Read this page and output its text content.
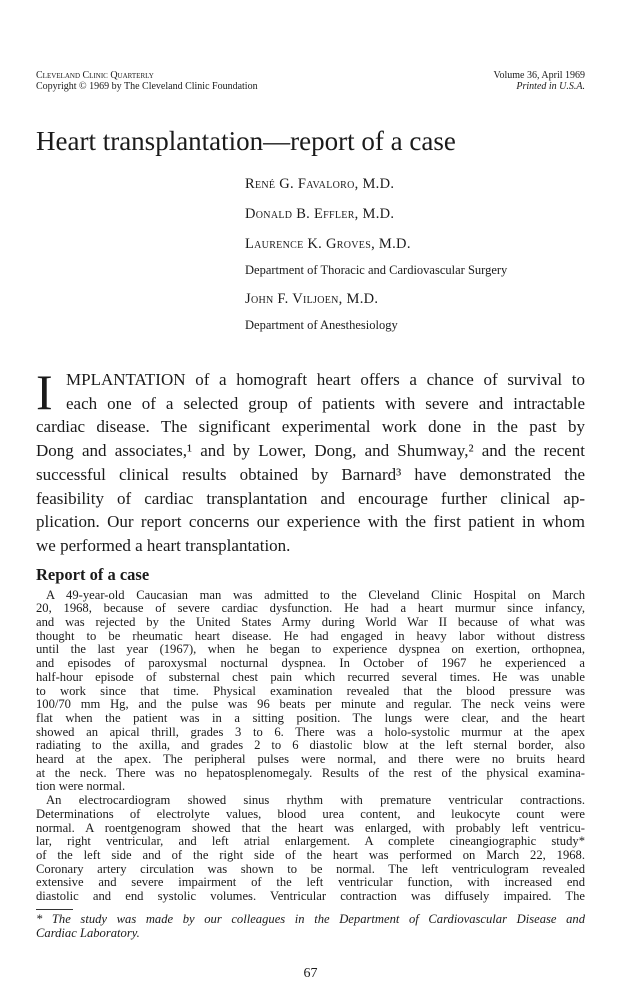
Cleveland Clinic Quarterly
Copyright © 1969 by The Cleveland Clinic Foundation
Volume 36, April 1969
Printed in U.S.A.
Heart transplantation—report of a case
René G. Favaloro, M.D.
Donald B. Effler, M.D.
Laurence K. Groves, M.D.
Department of Thoracic and Cardiovascular Surgery
John F. Viljoen, M.D.
Department of Anesthesiology
I MPLANTATION of a homograft heart offers a chance of survival to
each one of a selected group of patients with severe and intractable
cardiac disease. The significant experimental work done in the past by
Dong and associates,¹ and by Lower, Dong, and Shumway,² and the recent
successful clinical results obtained by Barnard³ have demonstrated the
feasibility of cardiac transplantation and encourage further clinical ap-
plication. Our report concerns our experience with the first patient in whom
we performed a heart transplantation.
Report of a case
A 49-year-old Caucasian man was admitted to the Cleveland Clinic Hospital on March
20, 1968, because of severe cardiac dysfunction. He had a heart murmur since infancy,
and was rejected by the United States Army during World War II because of what was
thought to be rheumatic heart disease. He had engaged in heavy labor without distress
until the last year (1967), when he began to experience dyspnea on exertion, orthopnea,
and episodes of paroxysmal nocturnal dyspnea. In October of 1967 he experienced a
half-hour episode of substernal chest pain which recurred several times. He was unable
to work since that time. Physical examination revealed that the blood pressure was
100/70 mm Hg, and the pulse was 96 beats per minute and regular. The neck veins were
flat when the patient was in a sitting position. The lungs were clear, and the heart
showed an apical thrill, grades 3 to 6. There was a holo-systolic murmur at the apex
radiating to the axilla, and grades 2 to 6 diastolic blow at the left sternal border, also
heard at the apex. The peripheral pulses were normal, and there were no bruits heard
at the neck. There was no hepatosplenomegaly. Results of the rest of the physical examina-
tion were normal.
An electrocardiogram showed sinus rhythm with premature ventricular contractions.
Determinations of electrolyte values, blood urea content, and leukocyte count were
normal. A roentgenogram showed that the heart was enlarged, with probably left ventricu-
lar, right ventricular, and left atrial enlargement. A complete cineangiographic study*
of the left side and of the right side of the heart was performed on March 22, 1968.
Coronary artery circulation was shown to be normal. The left ventriculogram revealed
extensive and severe impairment of the left ventricular function, with increased end
diastolic and end systolic volumes. Ventricular contraction was diffusely impaired. The
* The study was made by our colleagues in the Department of Cardiovascular Disease and
Cardiac Laboratory.
67
